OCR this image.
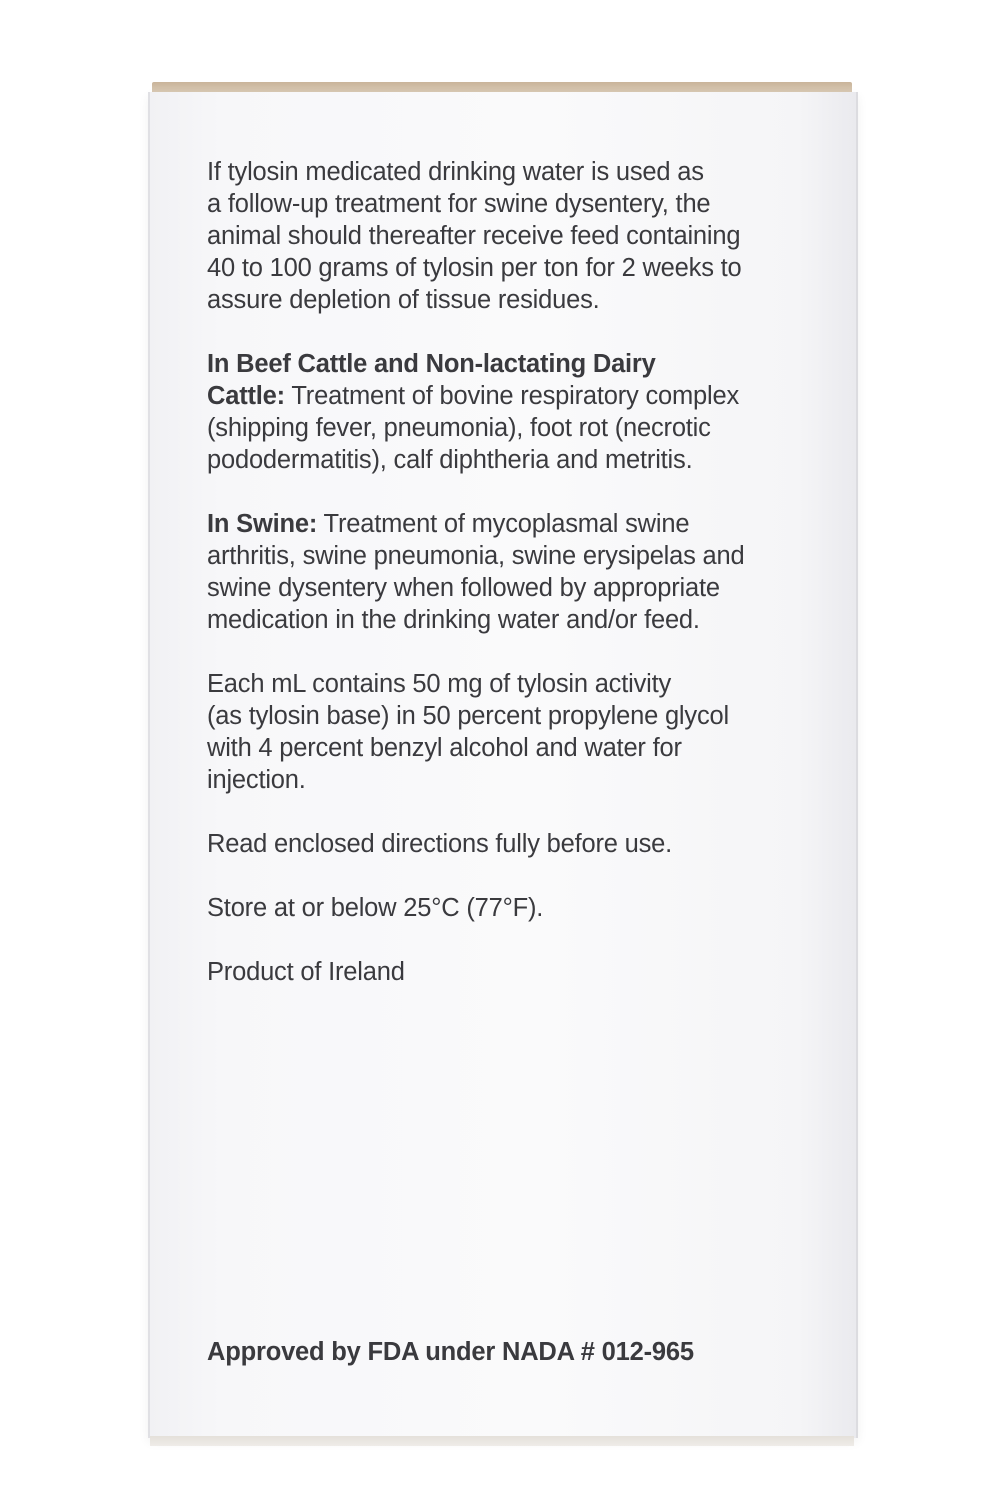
If tylosin medicated drinking water is used as
a follow-up treatment for swine dysentery, the
animal should thereafter receive feed containing
40 to 100 grams of tylosin per ton for 2 weeks to
assure depletion of tissue residues.
In Beef Cattle and Non-lactating Dairy
Cattle: Treatment of bovine respiratory complex
(shipping fever, pneumonia), foot rot (necrotic
pododermatitis), calf diphtheria and metritis.
In Swine: Treatment of mycoplasmal swine
arthritis, swine pneumonia, swine erysipelas and
swine dysentery when followed by appropriate
medication in the drinking water and/or feed.
Each mL contains 50 mg of tylosin activity
(as tylosin base) in 50 percent propylene glycol
with 4 percent benzyl alcohol and water for
injection.
Read enclosed directions fully before use.
Store at or below 25°C (77°F).
Product of Ireland
Approved by FDA under NADA # 012-965
